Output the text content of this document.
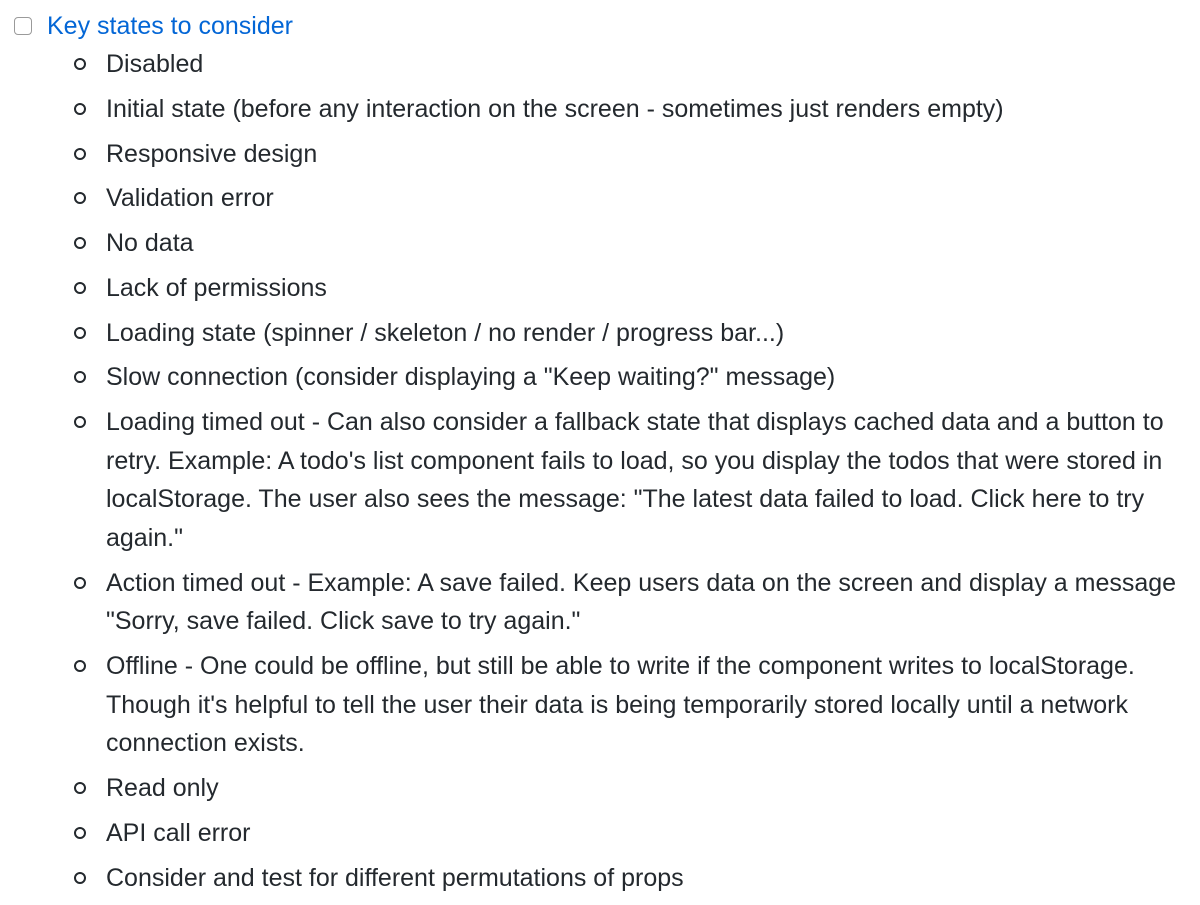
Key states to consider
Disabled
Initial state (before any interaction on the screen - sometimes just renders empty)
Responsive design
Validation error
No data
Lack of permissions
Loading state (spinner / skeleton / no render / progress bar...)
Slow connection (consider displaying a "Keep waiting?" message)
Loading timed out - Can also consider a fallback state that displays cached data and a button to retry. Example: A todo's list component fails to load, so you display the todos that were stored in localStorage. The user also sees the message: "The latest data failed to load. Click here to try again."
Action timed out - Example: A save failed. Keep users data on the screen and display a message "Sorry, save failed. Click save to try again."
Offline - One could be offline, but still be able to write if the component writes to localStorage. Though it's helpful to tell the user their data is being temporarily stored locally until a network connection exists.
Read only
API call error
Consider and test for different permutations of props
